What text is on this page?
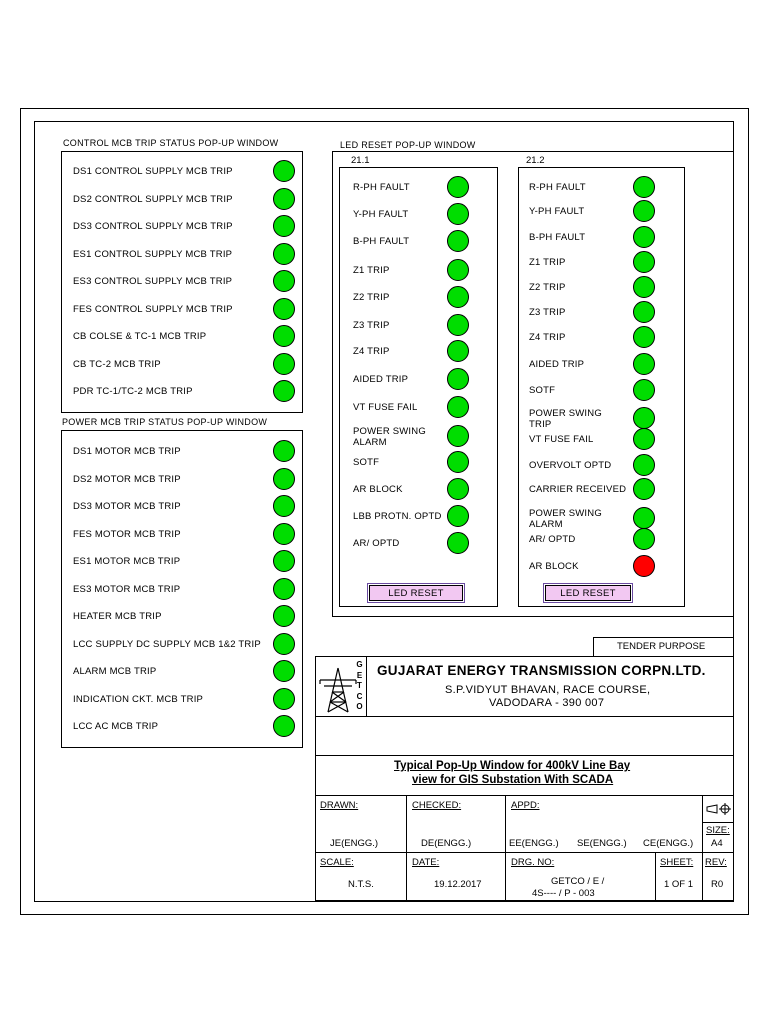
CONTROL MCB TRIP STATUS POP-UP WINDOW
POWER MCB TRIP STATUS POP-UP WINDOW
LED RESET POP-UP WINDOW
21.1	21.2
LED RESET	LED RESET
TENDER PURPOSE
GETCO
GUJARAT ENERGY TRANSMISSION CORPN.LTD.
S.P.VIDYUT BHAVAN, RACE COURSE,
VADODARA - 390 007
Typical Pop-Up Window for 400kV Line Bay
view for GIS Substation With SCADA
DRAWN:	CHECKED:	APPD:
JE(ENGG.)	DE(ENGG.)	EE(ENGG.) SE(ENGG.) CE(ENGG.)
SIZE:
A4
SCALE:	DATE:	DRG. NO:	SHEET: REV:
N.T.S.	19.12.2017	GETCO / E /
4S---- / P - 003
1 OF 1 R0
DS1 CONTROL SUPPLY MCB TRIP
DS2 CONTROL SUPPLY MCB TRIP
DS3 CONTROL SUPPLY MCB TRIP
ES1 CONTROL SUPPLY MCB TRIP
ES3 CONTROL SUPPLY MCB TRIP
FES CONTROL SUPPLY MCB TRIP
CB COLSE & TC-1 MCB TRIP
CB TC-2 MCB TRIP
PDR TC-1/TC-2 MCB TRIP
DS1 MOTOR MCB TRIP
DS2 MOTOR MCB TRIP
DS3 MOTOR MCB TRIP
FES MOTOR MCB TRIP
ES1 MOTOR MCB TRIP
ES3 MOTOR MCB TRIP
HEATER MCB TRIP
LCC SUPPLY DC SUPPLY MCB 1&2 TRIP
ALARM MCB TRIP
INDICATION CKT. MCB TRIP
LCC AC MCB TRIP
R-PH FAULT
Y-PH FAULT
B-PH FAULT
Z1 TRIP
Z2 TRIP
Z3 TRIP
Z4 TRIP
AIDED TRIP
VT FUSE FAIL
POWER SWING ALARM
SOTF
AR BLOCK
LBB PROTN. OPTD
AR/ OPTD
R-PH FAULT
Y-PH FAULT
B-PH FAULT
Z1 TRIP
Z2 TRIP
Z3 TRIP
Z4 TRIP
AIDED TRIP
SOTF
POWER SWING TRIP
VT FUSE FAIL
OVERVOLT OPTD
CARRIER RECEIVED
POWER SWING ALARM
AR/ OPTD
AR BLOCK
